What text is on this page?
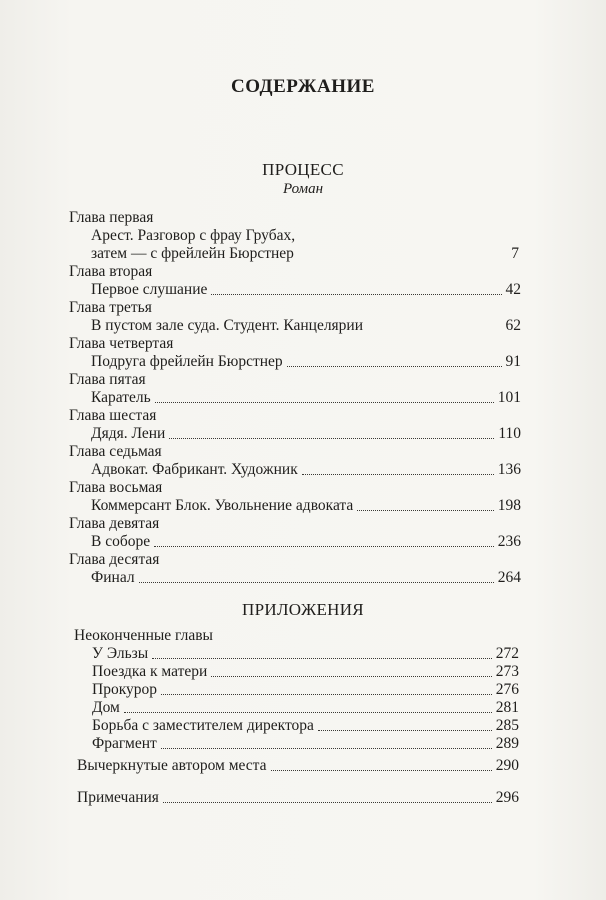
СОДЕРЖАНИЕ
ПРОЦЕСС
Роман
Глава первая
Арест. Разговор с фрау Грубах,
затем — с фрейлейн Бюрстнер	7
Глава вторая
Первое слушание	42
Глава третья
В пустом зале суда. Студент. Канцелярии	62
Глава четвертая
Подруга фрейлейн Бюрстнер	91
Глава пятая
Каратель	101
Глава шестая
Дядя. Лени	110
Глава седьмая
Адвокат. Фабрикант. Художник	136
Глава восьмая
Коммерсант Блок. Увольнение адвоката	198
Глава девятая
В соборе	236
Глава десятая
Финал	264
ПРИЛОЖЕНИЯ
Неоконченные главы
У Эльзы	272
Поездка к матери	273
Прокурор	276
Дом	281
Борьба с заместителем директора	285
Фрагмент	289
Вычеркнутые автором места	290
Примечания	296
